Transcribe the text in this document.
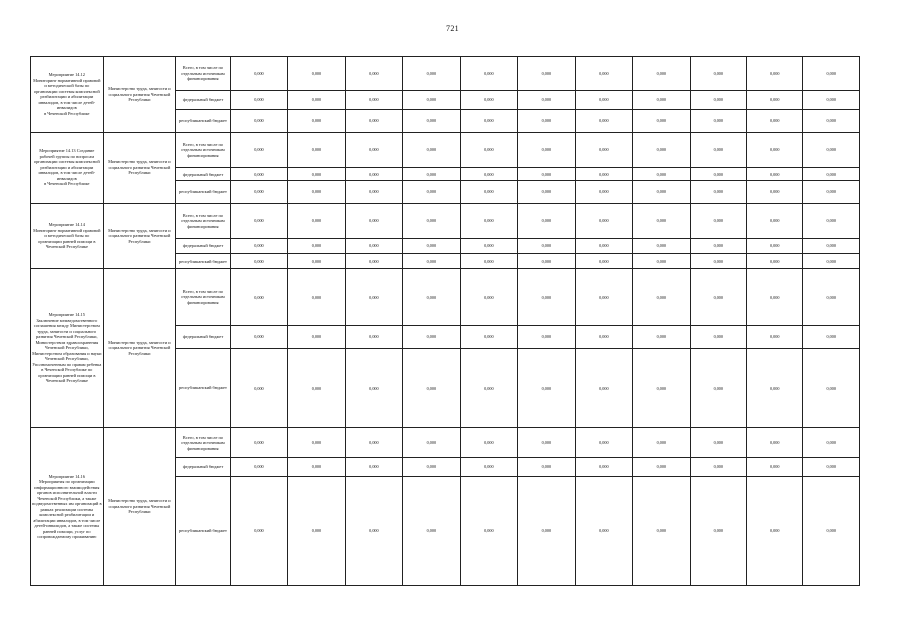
721
Мероприятие 14.12
Мониторинг нормативной правовой и методической базы по организации системы комплексной реабилитации и абилитации инвалидов, в том числе детей-инвалидов
в Чеченской Республике	Министерство труда, занятости и социального развития Чеченской Республики	Всего, в том числе по отдельным источникам финансирования	0,000	0,000	0,000	0,000	0,000	0,000	0,000	0,000	0,000	0,000	0,000
		федеральный бюджет	0,000	0,000	0,000	0,000	0,000	0,000	0,000	0,000	0,000	0,000	0,000
		республиканский бюджет	0,000	0,000	0,000	0,000	0,000	0,000	0,000	0,000	0,000	0,000	0,000
Мероприятие 14.13 Создание рабочей группы по вопросам организации системы комплексной реабилитации и абилитации инвалидов, в том числе детей-инвалидов
в Чеченской Республике	Министерство труда, занятости и социального развития Чеченской Республики	Всего, в том числе по отдельным источникам финансирования	0,000	0,000	0,000	0,000	0,000	0,000	0,000	0,000	0,000	0,000	0,000
		федеральный бюджет	0,000	0,000	0,000	0,000	0,000	0,000	0,000	0,000	0,000	0,000	0,000
		республиканский бюджет	0,000	0,000	0,000	0,000	0,000	0,000	0,000	0,000	0,000	0,000	0,000
Мероприятие 14.14
Мониторинг нормативной правовой и методической базы по организации ранней помощи в Чеченской Республике	Министерство труда, занятости и социального развития Чеченской Республики	Всего, в том числе по отдельным источникам финансирования	0,000	0,000	0,000	0,000	0,000	0,000	0,000	0,000	0,000	0,000	0,000
		федеральный бюджет	0,000	0,000	0,000	0,000	0,000	0,000	0,000	0,000	0,000	0,000	0,000
		республиканский бюджет	0,000	0,000	0,000	0,000	0,000	0,000	0,000	0,000	0,000	0,000	0,000
Мероприятие 14.15
Заключение межведомственного соглашения между Министерством труда, занятости и социального развития Чеченской Республики, Министерством здравоохранения Чеченской Республики, Министерством образования и науки Чеченской Республики, Уполномоченным по правам ребенка в Чеченской Республике по организации ранней помощи в Чеченской Республике	Министерство труда, занятости и социального развития Чеченской Республики	Всего, в том числе по отдельным источникам финансирования	0,000	0,000	0,000	0,000	0,000	0,000	0,000	0,000	0,000	0,000	0,000
		федеральный бюджет	0,000	0,000	0,000	0,000	0,000	0,000	0,000	0,000	0,000	0,000	0,000
		республиканский бюджет	0,000	0,000	0,000	0,000	0,000	0,000	0,000	0,000	0,000	0,000	0,000
Мероприятие 14.16
Мероприятия по организации информационного взаимодействия органов исполнительной власти Чеченской Республики, а также подведомственных им организаций в рамках реализации системы комплексной реабилитации и абилитации инвалидов, в том числе детей-инвалидов, а также системы ранней помощи, услуг по сопровождаемому проживанию	Министерство труда, занятости и социального развития Чеченской Республики	Всего, в том числе по отдельным источникам финансирования	0,000	0,000	0,000	0,000	0,000	0,000	0,000	0,000	0,000	0,000	0,000
		федеральный бюджет	0,000	0,000	0,000	0,000	0,000	0,000	0,000	0,000	0,000	0,000	0,000
		республиканский бюджет	0,000	0,000	0,000	0,000	0,000	0,000	0,000	0,000	0,000	0,000	0,000
